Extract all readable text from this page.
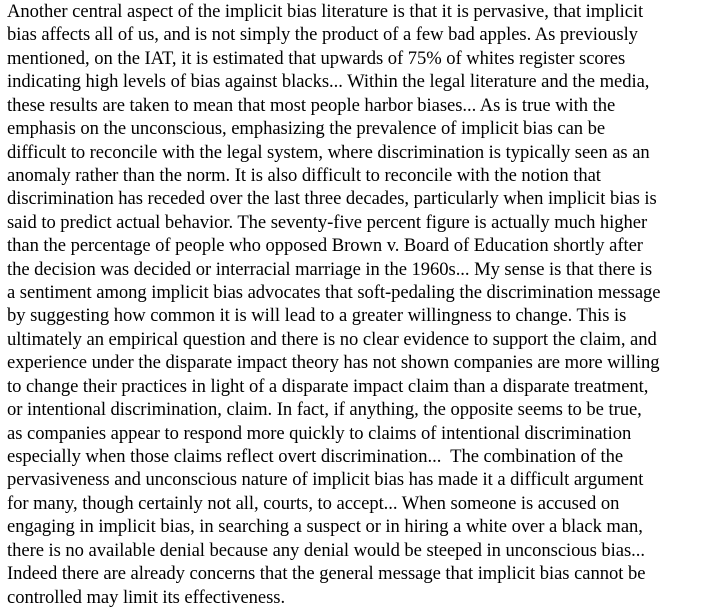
Another central aspect of the implicit bias literature is that it is pervasive, that implicit
bias affects all of us, and is not simply the product of a few bad apples. As previously
mentioned, on the IAT, it is estimated that upwards of 75% of whites register scores
indicating high levels of bias against blacks... Within the legal literature and the media,
these results are taken to mean that most people harbor biases... As is true with the
emphasis on the unconscious, emphasizing the prevalence of implicit bias can be
difficult to reconcile with the legal system, where discrimination is typically seen as an
anomaly rather than the norm. It is also difficult to reconcile with the notion that
discrimination has receded over the last three decades, particularly when implicit bias is
said to predict actual behavior. The seventy-five percent figure is actually much higher
than the percentage of people who opposed Brown v. Board of Education shortly after
the decision was decided or interracial marriage in the 1960s... My sense is that there is
a sentiment among implicit bias advocates that soft-pedaling the discrimination message
by suggesting how common it is will lead to a greater willingness to change. This is
ultimately an empirical question and there is no clear evidence to support the claim, and
experience under the disparate impact theory has not shown companies are more willing
to change their practices in light of a disparate impact claim than a disparate treatment,
or intentional discrimination, claim. In fact, if anything, the opposite seems to be true,
as companies appear to respond more quickly to claims of intentional discrimination
especially when those claims reflect overt discrimination...  The combination of the
pervasiveness and unconscious nature of implicit bias has made it a difficult argument
for many, though certainly not all, courts, to accept... When someone is accused on
engaging in implicit bias, in searching a suspect or in hiring a white over a black man,
there is no available denial because any denial would be steeped in unconscious bias...
Indeed there are already concerns that the general message that implicit bias cannot be
controlled may limit its effectiveness.
